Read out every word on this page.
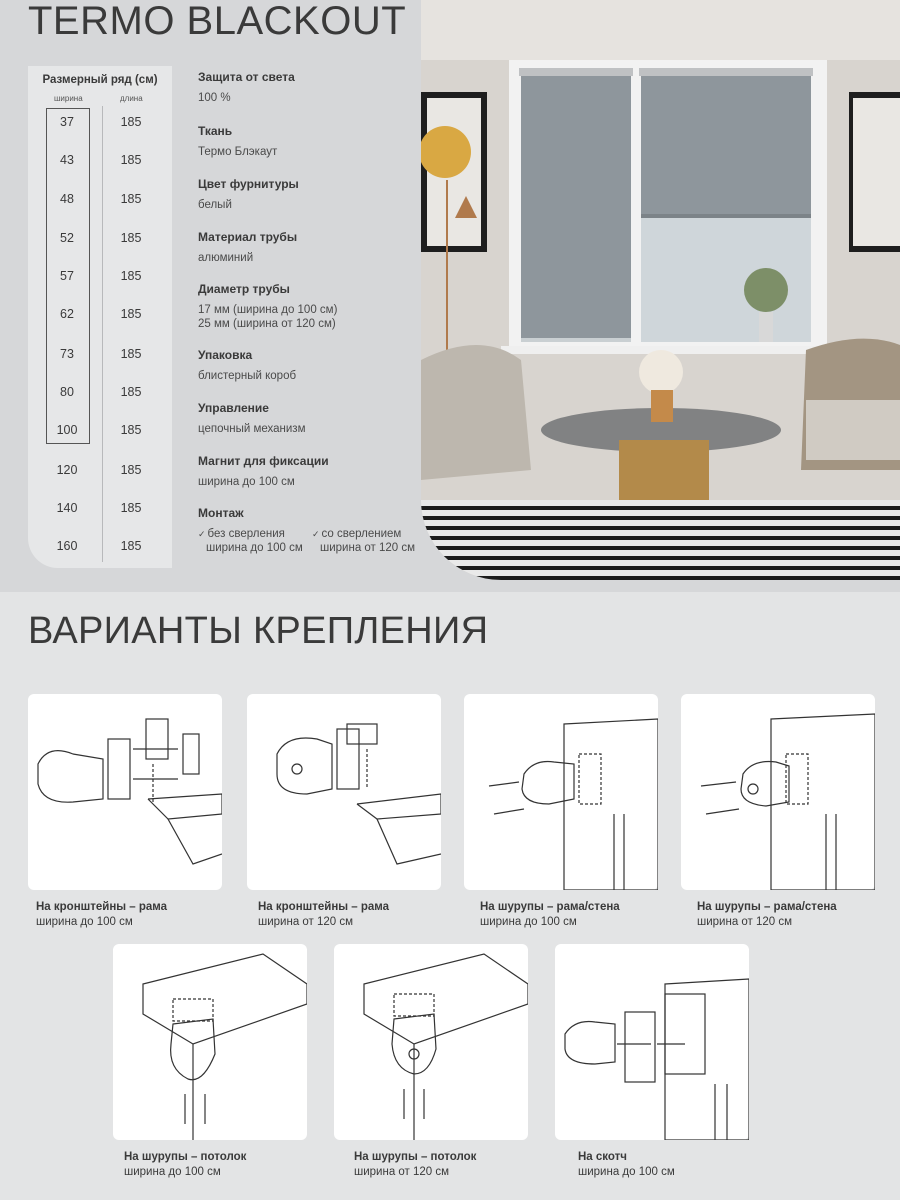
TERMO BLACKOUT
Размерный ряд (см)
ширина	длина
37	185
43	185
48	185
52	185
57	185
62	185
73	185
80	185
100	185
120	185
140	185
160	185
Защита от света
100 %
Ткань
Термо Блэкаут
Цвет фурнитуры
белый
Материал трубы
алюминий
Диаметр трубы
17 мм (ширина до 100 см)
25 мм (ширина от 120 см)
Упаковка
блистерный короб
Управление
цепочный механизм
Магнит для фиксации
ширина до 100 см
Монтаж
✓ без сверления
ширина до 100 см
✓ со сверлением
ширина от 120 см
ВАРИАНТЫ КРЕПЛЕНИЯ
На кронштейны – рама
ширина до 100 см
На кронштейны – рама
ширина от 120 см
На шурупы – рама/стена
ширина до 100 см
На шурупы – рама/стена
ширина от 120 см
На шурупы – потолок
ширина до 100 см
На шурупы – потолок
ширина от 120 см
На скотч
ширина до 100 см
